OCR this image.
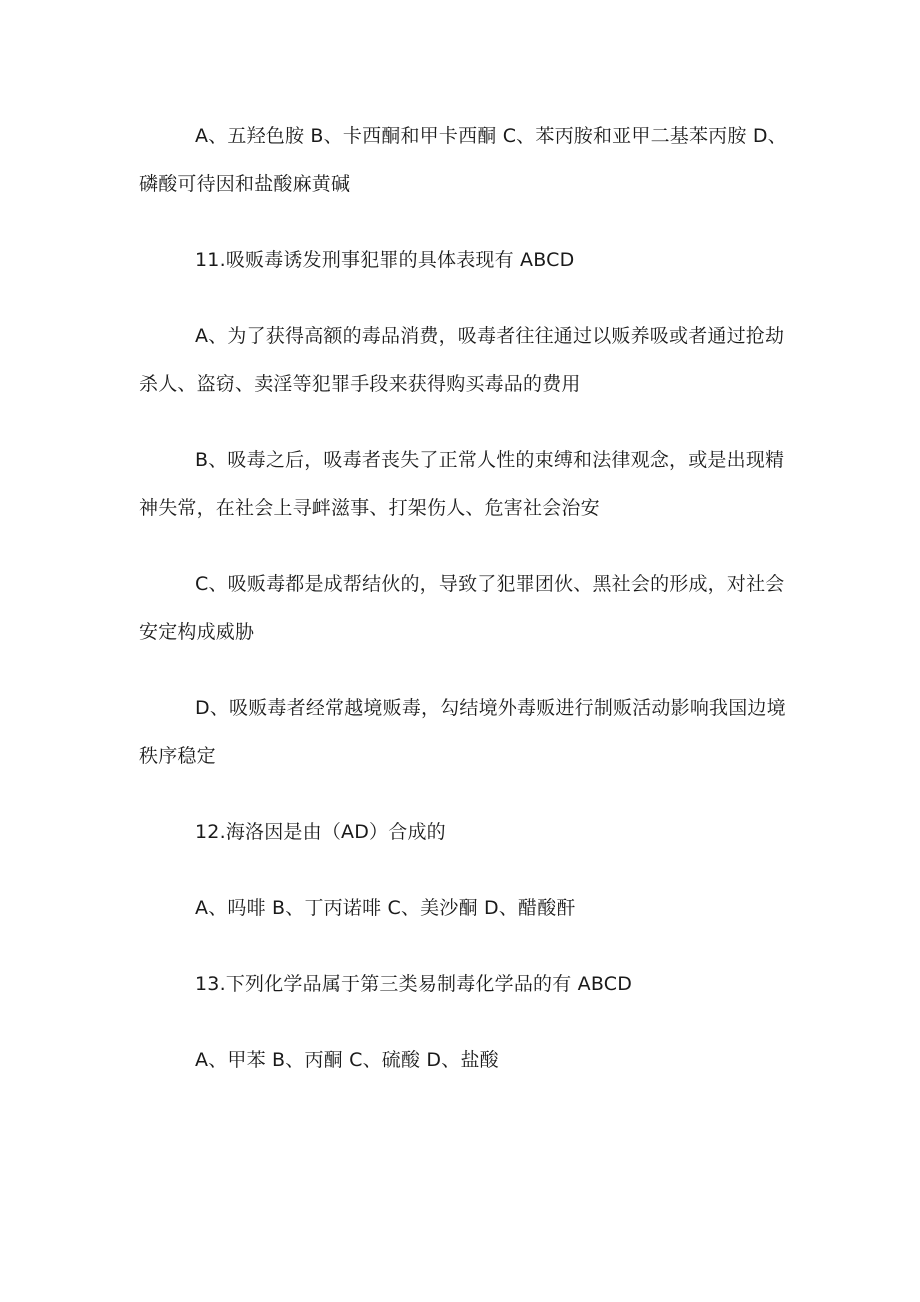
A、五羟色胺 B、卡西酮和甲卡西酮 C、苯丙胺和亚甲二基苯丙胺 D、磷酸可待因和盐酸麻黄碱

11.吸贩毒诱发刑事犯罪的具体表现有 ABCD

A、为了获得高额的毒品消费，吸毒者往往通过以贩养吸或者通过抢劫杀人、盗窃、卖淫等犯罪手段来获得购买毒品的费用

B、吸毒之后，吸毒者丧失了正常人性的束缚和法律观念，或是出现精神失常，在社会上寻衅滋事、打架伤人、危害社会治安

C、吸贩毒都是成帮结伙的，导致了犯罪团伙、黑社会的形成，对社会安定构成威胁

D、吸贩毒者经常越境贩毒，勾结境外毒贩进行制贩活动影响我国边境秩序稳定

12.海洛因是由（AD）合成的

A、吗啡 B、丁丙诺啡 C、美沙酮 D、醋酸酐

13.下列化学品属于第三类易制毒化学品的有 ABCD

A、甲苯 B、丙酮 C、硫酸 D、盐酸
